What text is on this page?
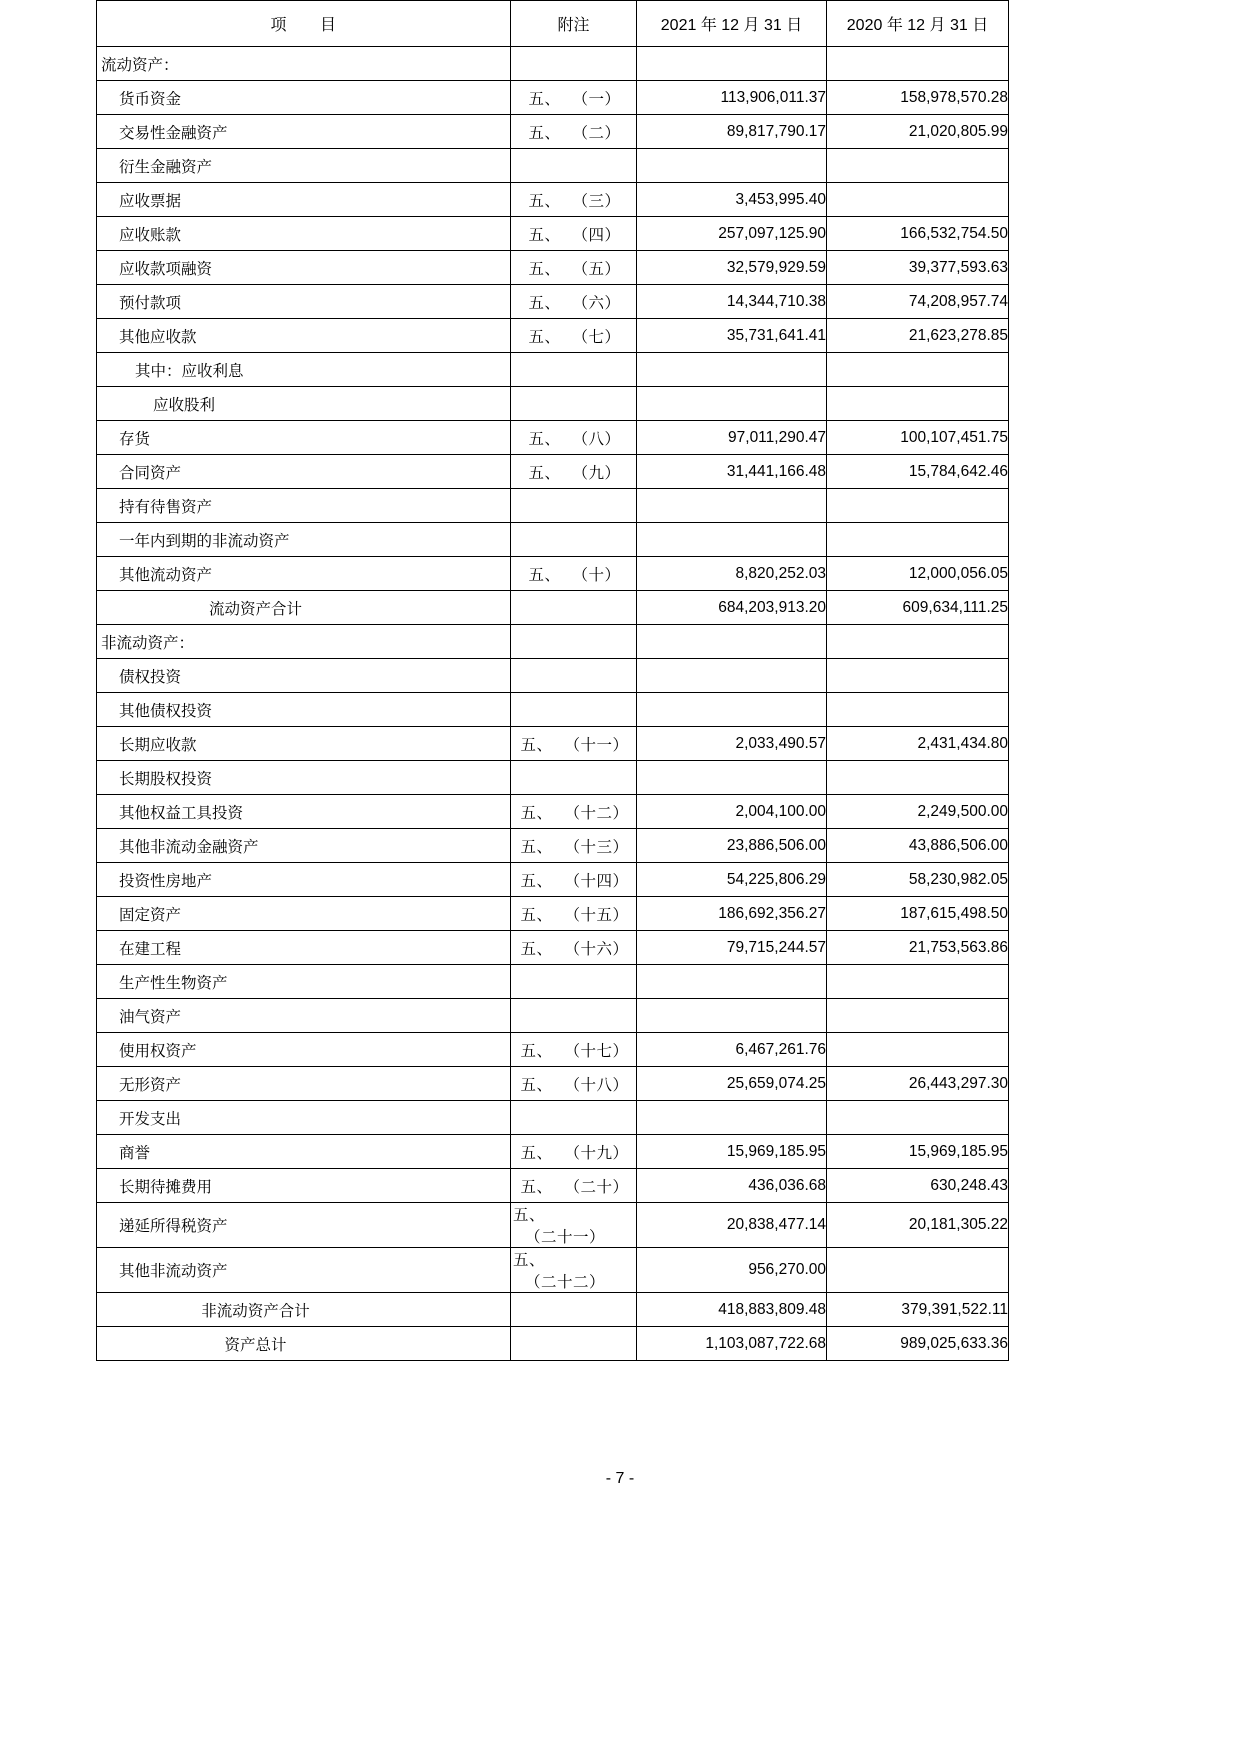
项　　目	附注	2021 年 12 月 31 日	2020 年 12 月 31 日
流动资产：			
货币资金	五、 （一）	113,906,011.37	158,978,570.28
交易性金融资产	五、 （二）	89,817,790.17	21,020,805.99
衍生金融资产			
应收票据	五、 （三）	3,453,995.40	
应收账款	五、 （四）	257,097,125.90	166,532,754.50
应收款项融资	五、 （五）	32,579,929.59	39,377,593.63
预付款项	五、 （六）	14,344,710.38	74,208,957.74
其他应收款	五、 （七）	35,731,641.41	21,623,278.85
其中：应收利息			
应收股利			
存货	五、 （八）	97,011,290.47	100,107,451.75
合同资产	五、 （九）	31,441,166.48	15,784,642.46
持有待售资产			
一年内到期的非流动资产			
其他流动资产	五、 （十）	8,820,252.03	12,000,056.05

流动资产合计		684,203,913.20	609,634,111.25
非流动资产：			
债权投资			
其他债权投资			
长期应收款	五、 （十一）	2,033,490.57	2,431,434.80
长期股权投资			
其他权益工具投资	五、 （十二）	2,004,100.00	2,249,500.00
其他非流动金融资产	五、 （十三）	23,886,506.00	43,886,506.00
投资性房地产	五、 （十四）	54,225,806.29	58,230,982.05
固定资产	五、 （十五）	186,692,356.27	187,615,498.50
在建工程	五、 （十六）	79,715,244.57	21,753,563.86
生产性生物资产			
油气资产			
使用权资产	五、 （十七）	6,467,261.76	
无形资产	五、 （十八）	25,659,074.25	26,443,297.30
开发支出			
商誉	五、 （十九）	15,969,185.95	15,969,185.95
长期待摊费用	五、 （二十）	436,036.68	630,248.43
递延所得税资产	五、（二十一）	20,838,477.14	20,181,305.22
其他非流动资产	五、（二十二）	956,270.00	

非流动资产合计		418,883,809.48	379,391,522.11

资产总计		1,103,087,722.68	989,025,633.36
- 7 -
